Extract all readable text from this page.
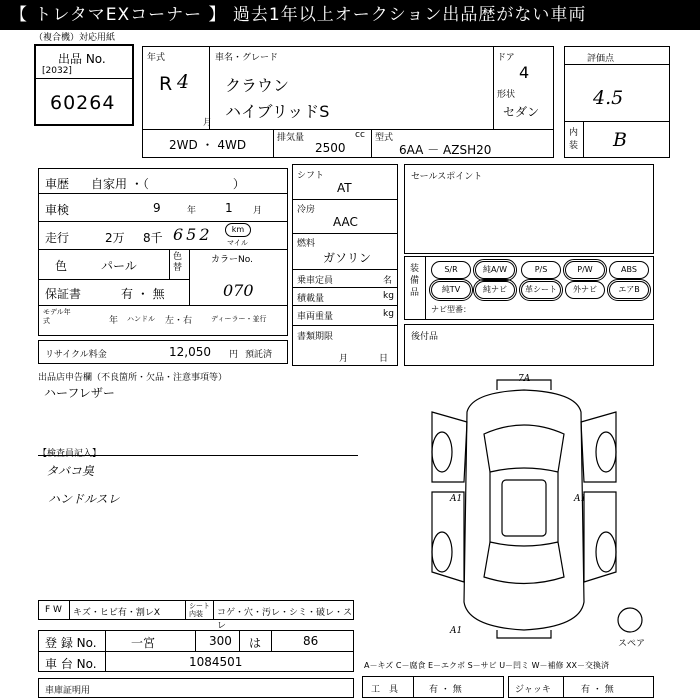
【 トレタマEXコーナー 】 過去1年以上オークション出品歴がない車両
（複合機）対応用紙
出品 No.
[2032]
60264
年式
R 4
月
車名・グレード
クラウン
ハイブリッドS
ドア
4
形状
セダン
2WD ・ 4WD	排気量	cc
2500
型式
6AA － AZSH20
評価点
4.5
内装 B
車歴 自家用 ・（　　　　　　　）
車検	9	年 1 月
走行	2万 8千 652	km
マイル
色	パール
色替
カラーNo.
070
保証書	有 ・ 無
モデル年式	年 ハンドル 左・右	ディーラー・並行
リサイクル料金	12,050 円 預託済
シフト
AT
冷房
AAC
燃料
ガソリン
乗車定員	名
積載量	kg
車両重量	kg
書類期限
月	日
セールスポイント
装備品
S/R	純A/W	P/S	P/W	ABS
純TV	純ナビ	革シート	外ナビ	エアB
ナビ型番：
後付品
出品店申告欄（不良箇所・欠品・注意事項等）
ハーフレザー
【検査員記入】
タバコ臭
ハンドルスレ
7A
A1	A1
A1
スペア
F W キズ・ヒビ有・割レX
シート内装	コゲ・穴・汚レ・シミ・破レ・スレ
登 録 No.	一宮	300 は	86
車 台 No.	1084501
車庫証明用
A－キズ C－腐食 E－エクボ S－サビ U－凹ミ W－補修 XX－交換済
工　具	有 ・ 無	ジャッキ	有 ・ 無
